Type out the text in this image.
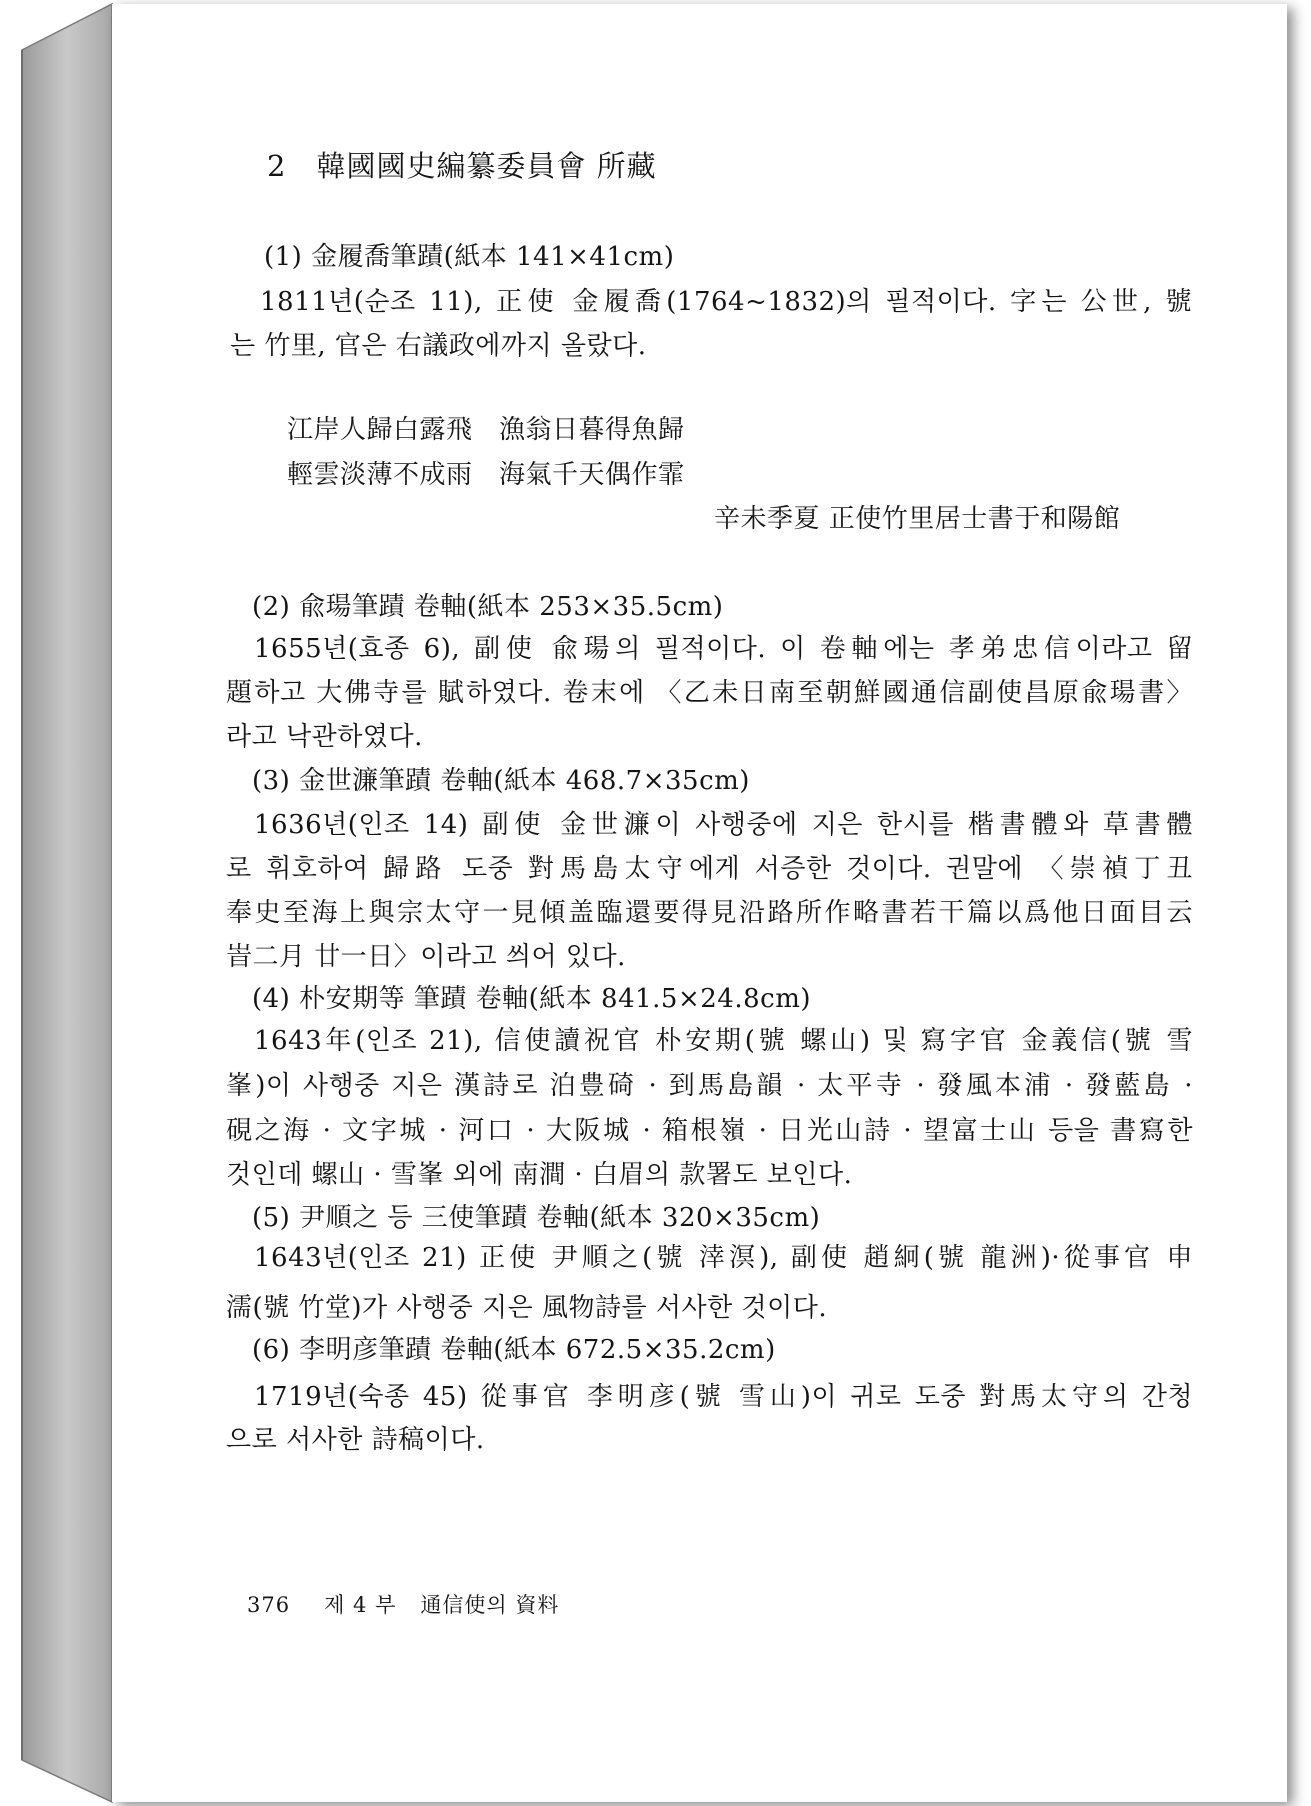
2 韓國國史編纂委員會 所藏
(1) 金履喬筆蹟(紙本 141×41cm)
1811년(순조 11), 正使 金履喬(1764~1832)의 필적이다. 字는 公世, 號
는 竹里, 官은 右議政에까지 올랐다.
江岸人歸白露飛　漁翁日暮得魚歸
輕雲淡薄不成雨　海氣千天偶作霏
辛未季夏 正使竹里居士書于和陽館
(2) 兪瑒筆蹟 卷軸(紙本 253×35.5cm)
1655년(효종 6), 副使 兪瑒의 필적이다. 이 卷軸에는 孝弟忠信이라고 留
題하고 大佛寺를 賦하였다. 卷末에 〈乙未日南至朝鮮國通信副使昌原兪瑒書〉
라고 낙관하였다.
(3) 金世濂筆蹟 卷軸(紙本 468.7×35cm)
1636년(인조 14) 副使 金世濂이 사행중에 지은 한시를 楷書體와 草書體
로 휘호하여 歸路 도중 對馬島太守에게 서증한 것이다. 권말에 〈崇禎丁丑
奉史至海上與宗太守一見傾盖臨還要得見沿路所作略書若干篇以爲他日面目云
峕二月 廿一日〉이라고 씌어 있다.
(4) 朴安期等 筆蹟 卷軸(紙本 841.5×24.8cm)
1643年(인조 21), 信使讀祝官 朴安期(號 螺山) 및 寫字官 金義信(號 雪
峯)이 사행중 지은 漢詩로 泊豊碕 · 到馬島韻 · 太平寺 · 發風本浦 · 發藍島 ·
硯之海 · 文字城 · 河口 · 大阪城 · 箱根嶺 · 日光山詩 · 望富士山 등을 書寫한
것인데 螺山 · 雪峯 외에 南澗 · 白眉의 款署도 보인다.
(5) 尹順之 등 三使筆蹟 卷軸(紙本 320×35cm)
1643년(인조 21) 正使 尹順之(號 涬溟), 副使 趙絅(號 龍洲)·從事官 申
濡(號 竹堂)가 사행중 지은 風物詩를 서사한 것이다.
(6) 李明彦筆蹟 卷軸(紙本 672.5×35.2cm)
1719년(숙종 45) 從事官 李明彦(號 雪山)이 귀로 도중 對馬太守의 간청
으로 서사한 詩稿이다.
376 제 4 부 通信使의 資料
